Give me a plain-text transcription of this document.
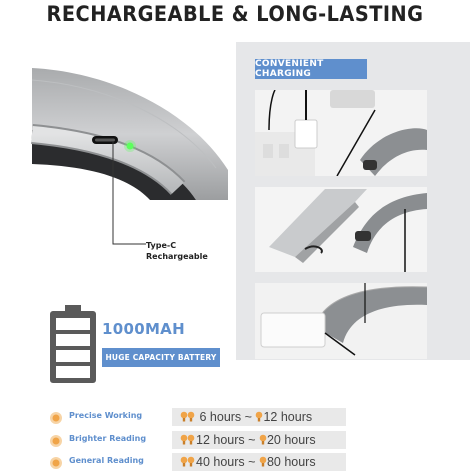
RECHARGEABLE & LONG-LASTING
Type-C
Rechargeable
CONVENIENT CHARGING
1000MAH
HUGE CAPACITY BATTERY
Precise Working	6 hours ~ 12 hours
Brighter Reading	12 hours ~ 20 hours
General Reading	40 hours ~ 80 hours
